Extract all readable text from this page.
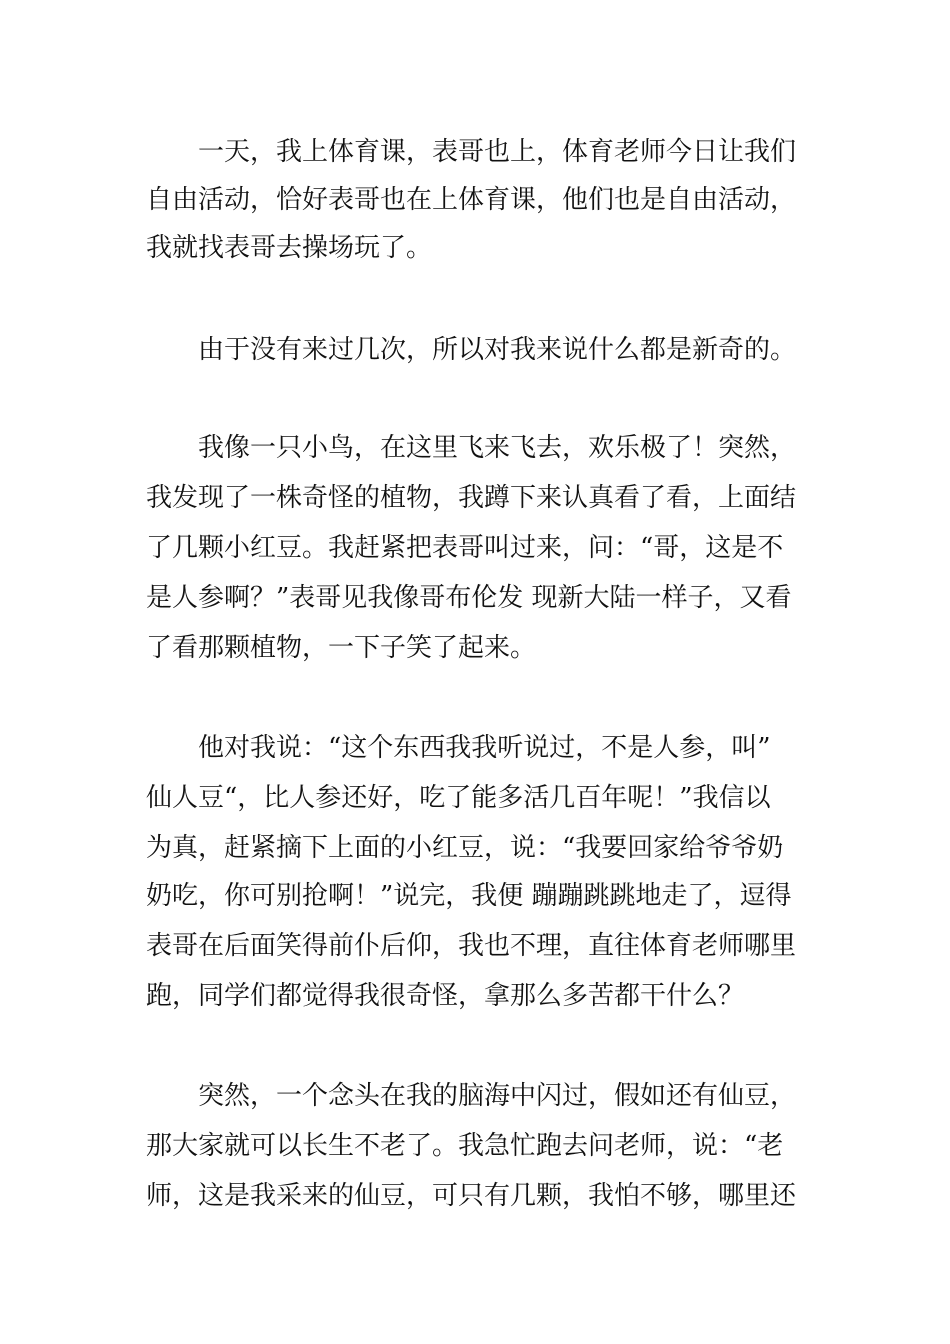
　　一天，我上体育课，表哥也上，体育老师今日让我们
自由活动，恰好表哥也在上体育课，他们也是自由活动，
我就找表哥去操场玩了。
　　由于没有来过几次，所以对我来说什么都是新奇的。
　　我像一只小鸟，在这里飞来飞去，欢乐极了！突然，
我发现了一株奇怪的植物，我蹲下来认真看了看，上面结
了几颗小红豆。我赶紧把表哥叫过来，问：“哥，这是不
是人参啊？”表哥见我像哥布伦发 现新大陆一样子，又看
了看那颗植物，一下子笑了起来。
　　他对我说：“这个东西我我听说过，不是人参，叫”
仙人豆“，比人参还好，吃了能多活几百年呢！”我信以
为真，赶紧摘下上面的小红豆，说：“我要回家给爷爷奶
奶吃，你可别抢啊！”说完，我便 蹦蹦跳跳地走了，逗得
表哥在后面笑得前仆后仰，我也不理，直往体育老师哪里
跑，同学们都觉得我很奇怪，拿那么多苦都干什么？
　　突然，一个念头在我的脑海中闪过，假如还有仙豆，
那大家就可以长生不老了。我急忙跑去问老师，说：“老
师，这是我采来的仙豆，可只有几颗，我怕不够，哪里还
